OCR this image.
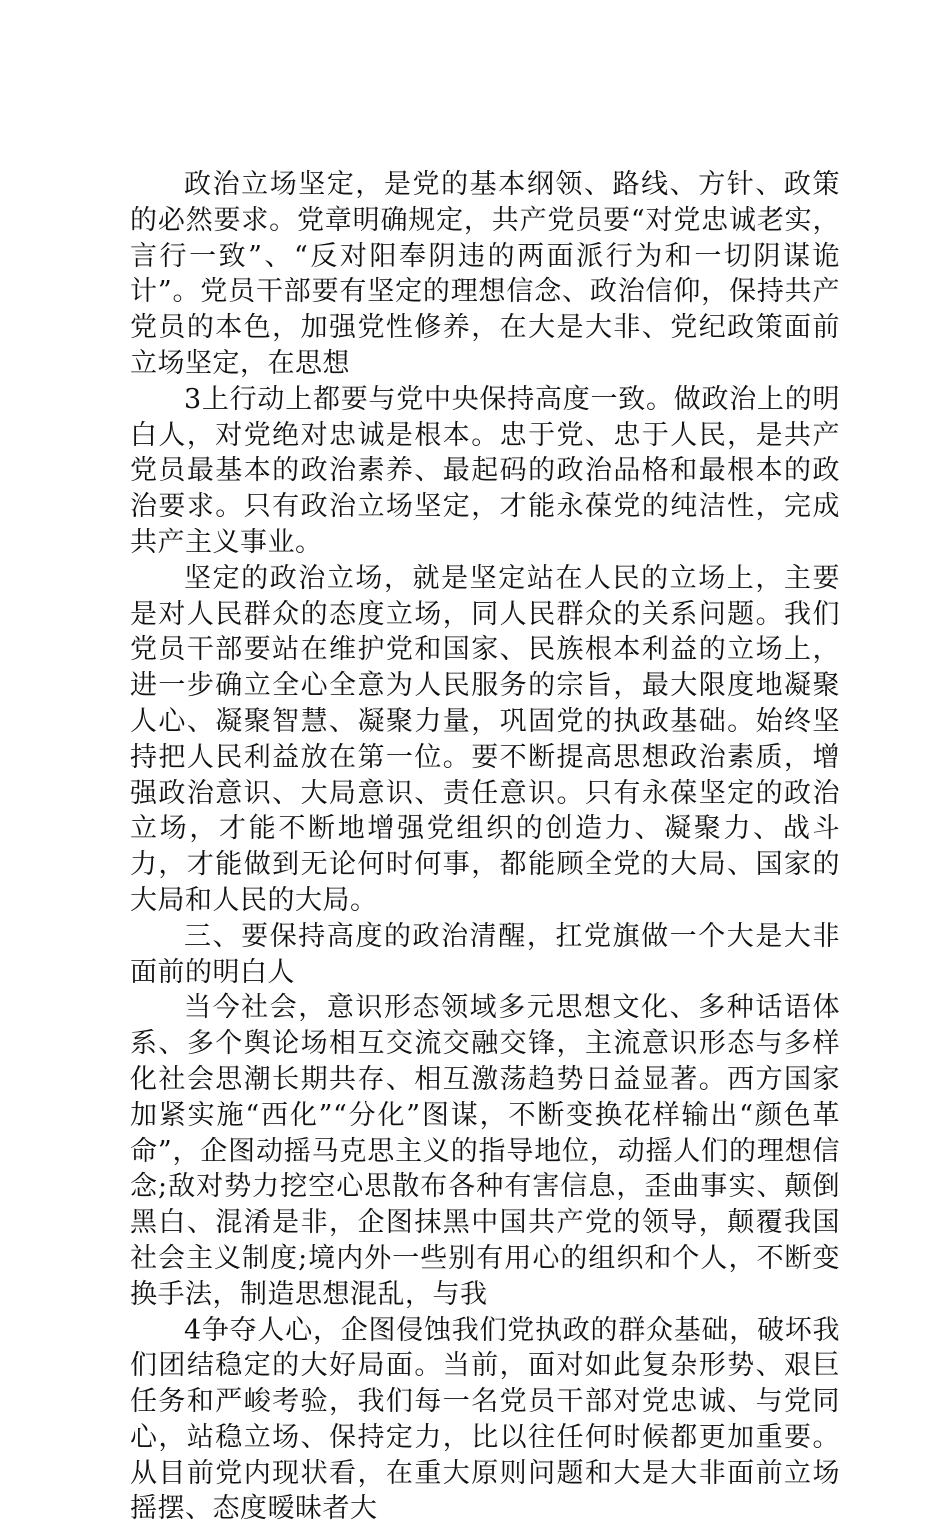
政治立场坚定，是党的基本纲领、路线、方针、政策的必然要求。党章明确规定，共产党员要“对党忠诚老实，言行一致”、“反对阳奉阴违的两面派行为和一切阴谋诡计”。党员干部要有坚定的理想信念、政治信仰，保持共产党员的本色，加强党性修养，在大是大非、党纪政策面前立场坚定，在思想

3上行动上都要与党中央保持高度一致。做政治上的明白人，对党绝对忠诚是根本。忠于党、忠于人民，是共产党员最基本的政治素养、最起码的政治品格和最根本的政治要求。只有政治立场坚定，才能永葆党的纯洁性，完成共产主义事业。

坚定的政治立场，就是坚定站在人民的立场上，主要是对人民群众的态度立场，同人民群众的关系问题。我们党员干部要站在维护党和国家、民族根本利益的立场上，进一步确立全心全意为人民服务的宗旨，最大限度地凝聚人心、凝聚智慧、凝聚力量，巩固党的执政基础。始终坚持把人民利益放在第一位。要不断提高思想政治素质，增强政治意识、大局意识、责任意识。只有永葆坚定的政治立场，才能不断地增强党组织的创造力、凝聚力、战斗力，才能做到无论何时何事，都能顾全党的大局、国家的大局和人民的大局。

三、要保持高度的政治清醒，扛党旗做一个大是大非面前的明白人

当今社会，意识形态领域多元思想文化、多种话语体系、多个舆论场相互交流交融交锋，主流意识形态与多样化社会思潮长期共存、相互激荡趋势日益显著。西方国家加紧实施“西化”“分化”图谋，不断变换花样输出“颜色革命”，企图动摇马克思主义的指导地位，动摇人们的理想信念;敌对势力挖空心思散布各种有害信息，歪曲事实、颠倒黑白、混淆是非，企图抹黑中国共产党的领导，颠覆我国社会主义制度;境内外一些别有用心的组织和个人，不断变换手法，制造思想混乱，与我

4争夺人心，企图侵蚀我们党执政的群众基础，破坏我们团结稳定的大好局面。当前，面对如此复杂形势、艰巨任务和严峻考验，我们每一名党员干部对党忠诚、与党同心，站稳立场、保持定力，比以往任何时候都更加重要。从目前党内现状看，在重大原则问题和大是大非面前立场摇摆、态度暧昧者大
